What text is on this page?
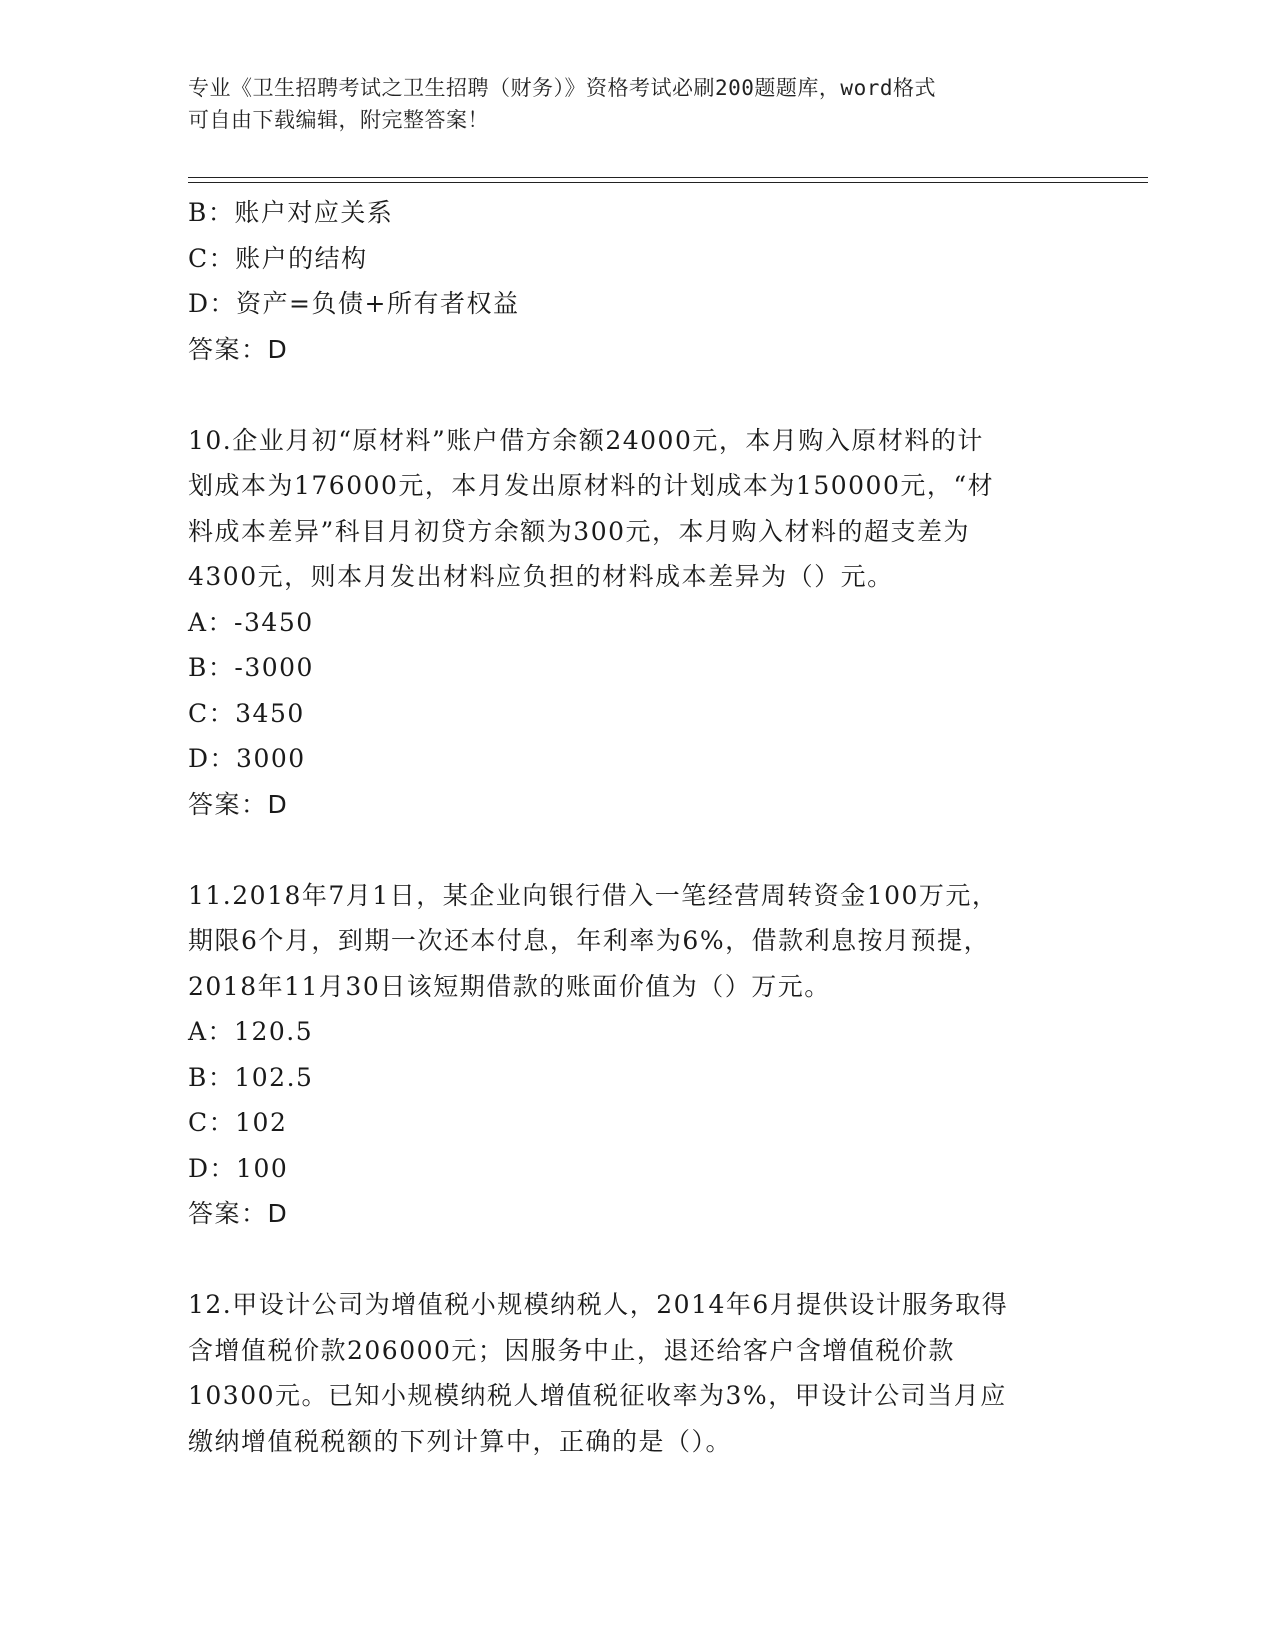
专业《卫生招聘考试之卫生招聘（财务）》资格考试必刷200题题库，word格式
可自由下载编辑，附完整答案！
B：账户对应关系
C：账户的结构
D：资产=负债+所有者权益
答案：D
10.企业月初“原材料”账户借方余额24000元，本月购入原材料的计
划成本为176000元，本月发出原材料的计划成本为150000元，“材
料成本差异”科目月初贷方余额为300元，本月购入材料的超支差为
4300元，则本月发出材料应负担的材料成本差异为（）元。
A：-3450
B：-3000
C：3450
D：3000
答案：D
11.2018年7月1日，某企业向银行借入一笔经营周转资金100万元，
期限6个月，到期一次还本付息，年利率为6%，借款利息按月预提，
2018年11月30日该短期借款的账面价值为（）万元。
A：120.5
B：102.5
C：102
D：100
答案：D
12.甲设计公司为增值税小规模纳税人，2014年6月提供设计服务取得
含增值税价款206000元；因服务中止，退还给客户含增值税价款
10300元。已知小规模纳税人增值税征收率为3%，甲设计公司当月应
缴纳增值税税额的下列计算中，正确的是（）。
